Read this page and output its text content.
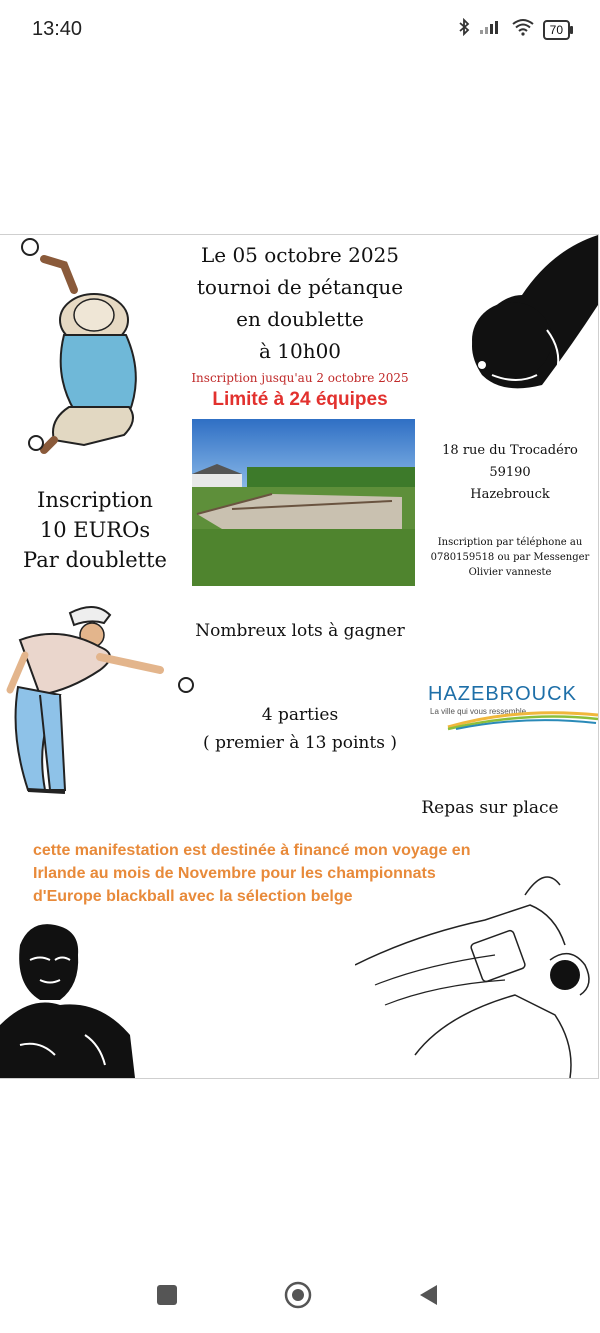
13:40	70
Le 05 octobre 2025
tournoi de pétanque
en doublette
à 10h00
Inscription jusqu'au 2 octobre 2025
Limité à 24 équipes
18 rue du Trocadéro
59190
Hazebrouck
Inscription par téléphone au
0780159518 ou par Messenger
Olivier vanneste
Inscription
10 EUROs
Par doublette
Nombreux lots à gagner
HAZEBROUCK
La ville qui vous ressemble
4 parties
( premier à 13 points )
Repas sur place
cette manifestation est destinée à financé mon voyage en
Irlande au mois de Novembre pour les championnats
d'Europe blackball avec la sélection belge
